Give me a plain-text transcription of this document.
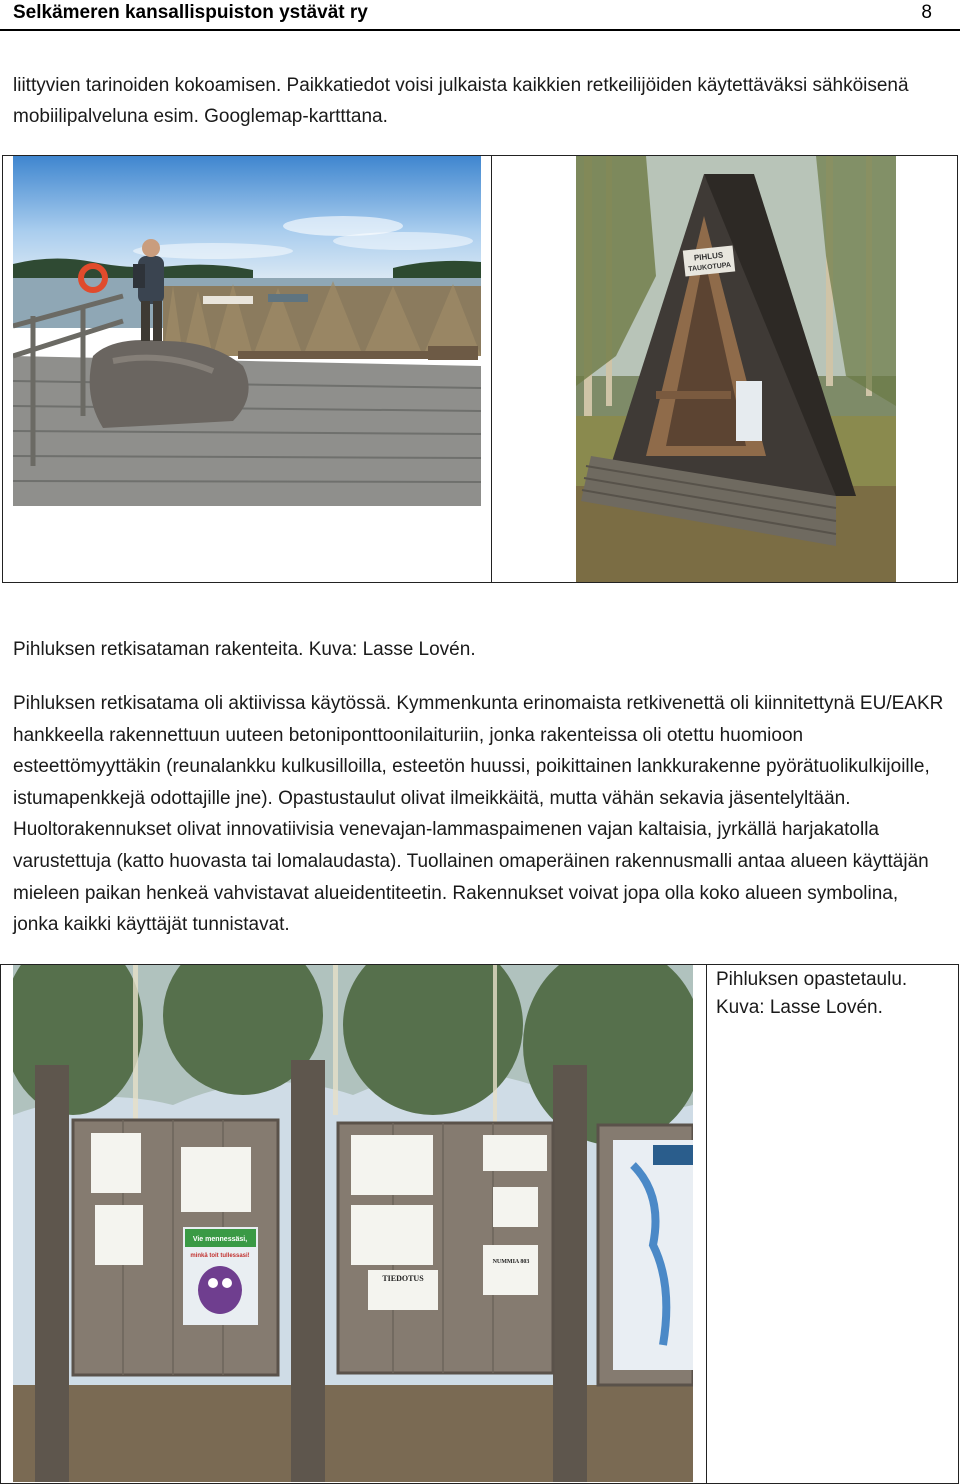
Selkämeren kansallispuiston ystävät ry	8
liittyvien tarinoiden kokoamisen. Paikkatiedot voisi julkaista kaikkien retkeilijöiden käytettäväksi sähköisenä mobiilipalveluna esim. Googlemap-kartttana.
PIHLUS
TAUKOTUPA
Pihluksen retkisataman rakenteita. Kuva: Lasse Lovén.
Pihluksen retkisatama oli aktiivissa käytössä. Kymmenkunta erinomaista retkivenettä oli kiinnitettynä EU/EAKR hankkeella rakennettuun uuteen betoniponttoonilaituriin, jonka rakenteissa oli otettu huomioon esteettömyyttäkin (reunalankku kulkusilloilla, esteetön huussi, poikittainen lankkurakenne pyörätuolikulkijoille, istumapenkkejä odottajille jne). Opastustaulut olivat ilmeikkäitä, mutta vähän sekavia jäsentelyltään. Huoltorakennukset olivat innovatiivisia venevajan-lammaspaimenen vajan kaltaisia, jyrkällä harjakatolla varustettuja (katto huovasta tai lomalaudasta). Tuollainen omaperäinen rakennusmalli antaa alueen käyttäjän mieleen paikan henkeä vahvistavat alueidentiteetin. Rakennukset voivat jopa olla koko alueen symbolina, jonka kaikki käyttäjät tunnistavat.
Vie mennessäsi,
minkä toit tullessasi!
TIEDOTUS
NUMMIA 803
Pihluksen opastetaulu. Kuva: Lasse Lovén.
